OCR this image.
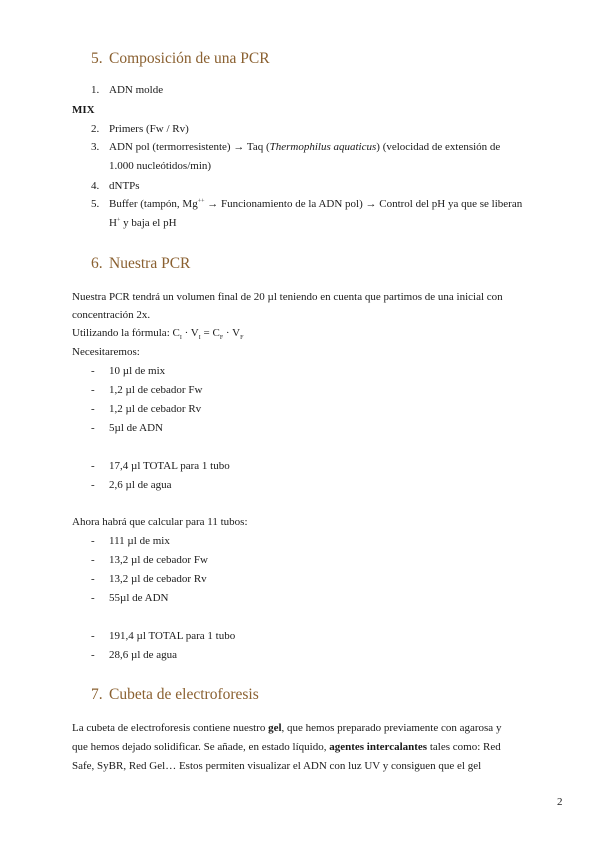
5. Composición de una PCR
1. ADN molde
MIX
2. Primers (Fw / Rv)
3. ADN pol (termorresistente) → Taq (Thermophilus aquaticus) (velocidad de extensión de
1.000 nucleótidos/min)
4. dNTPs
5. Buffer (tampón, Mg++ → Funcionamiento de la ADN pol) → Control del pH ya que se liberan
H+ y baja el pH
6. Nuestra PCR
Nuestra PCR tendrá un volumen final de 20 µl teniendo en cuenta que partimos de una inicial con
concentración 2x.
Utilizando la fórmula: $C_I \cdot V_I = C_F \cdot V_F$
Necesitaremos:
- 10 µl de mix
- 1,2 µl de cebador Fw
- 1,2 µl de cebador Rv
- 5µl de ADN
- 17,4 µl TOTAL para 1 tubo
- 2,6 µl de agua
Ahora habrá que calcular para 11 tubos:
- 111 µl de mix
- 13,2 µl de cebador Fw
- 13,2 µl de cebador Rv
- 55µl de ADN
- 191,4 µl TOTAL para 1 tubo
- 28,6 µl de agua
7. Cubeta de electroforesis
La cubeta de electroforesis contiene nuestro gel, que hemos preparado previamente con agarosa y
que hemos dejado solidificar. Se añade, en estado líquido, agentes intercalantes tales como: Red
Safe, SyBR, Red Gel… Estos permiten visualizar el ADN con luz UV y consiguen que el gel
2
